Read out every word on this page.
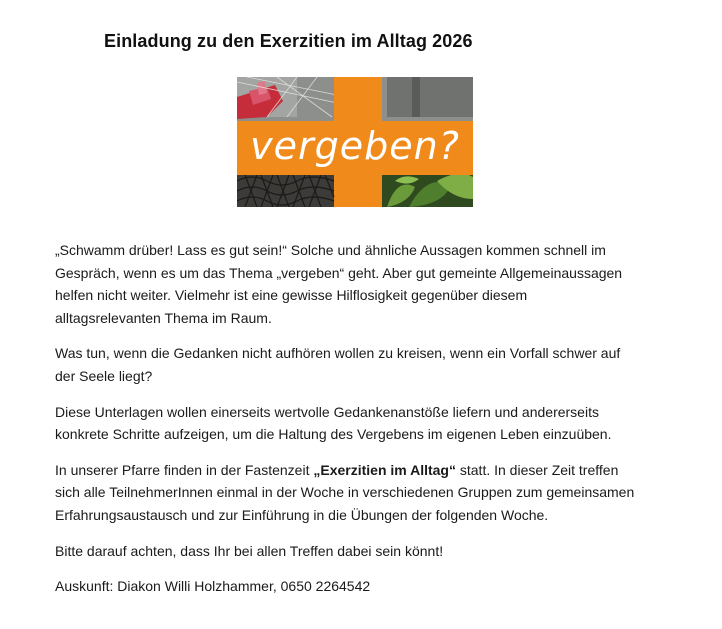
Einladung zu den Exerzitien im Alltag 2026
vergeben?

„Schwamm drüber! Lass es gut sein!“ Solche und ähnliche Aussagen kommen schnell im
Gespräch, wenn es um das Thema „vergeben“ geht. Aber gut gemeinte Allgemeinaussagen
helfen nicht weiter. Vielmehr ist eine gewisse Hilflosigkeit gegenüber diesem
alltagsrelevanten Thema im Raum.

Was tun, wenn die Gedanken nicht aufhören wollen zu kreisen, wenn ein Vorfall schwer auf
der Seele liegt?

Diese Unterlagen wollen einerseits wertvolle Gedankenanstöße liefern und andererseits
konkrete Schritte aufzeigen, um die Haltung des Vergebens im eigenen Leben einzuüben.

In unserer Pfarre finden in der Fastenzeit „Exerzitien im Alltag“ statt. In dieser Zeit treffen
sich alle TeilnehmerInnen einmal in der Woche in verschiedenen Gruppen zum gemeinsamen
Erfahrungsaustausch und zur Einführung in die Übungen der folgenden Woche.

Bitte darauf achten, dass Ihr bei allen Treffen dabei sein könnt!

Auskunft: Diakon Willi Holzhammer, 0650 2264542
